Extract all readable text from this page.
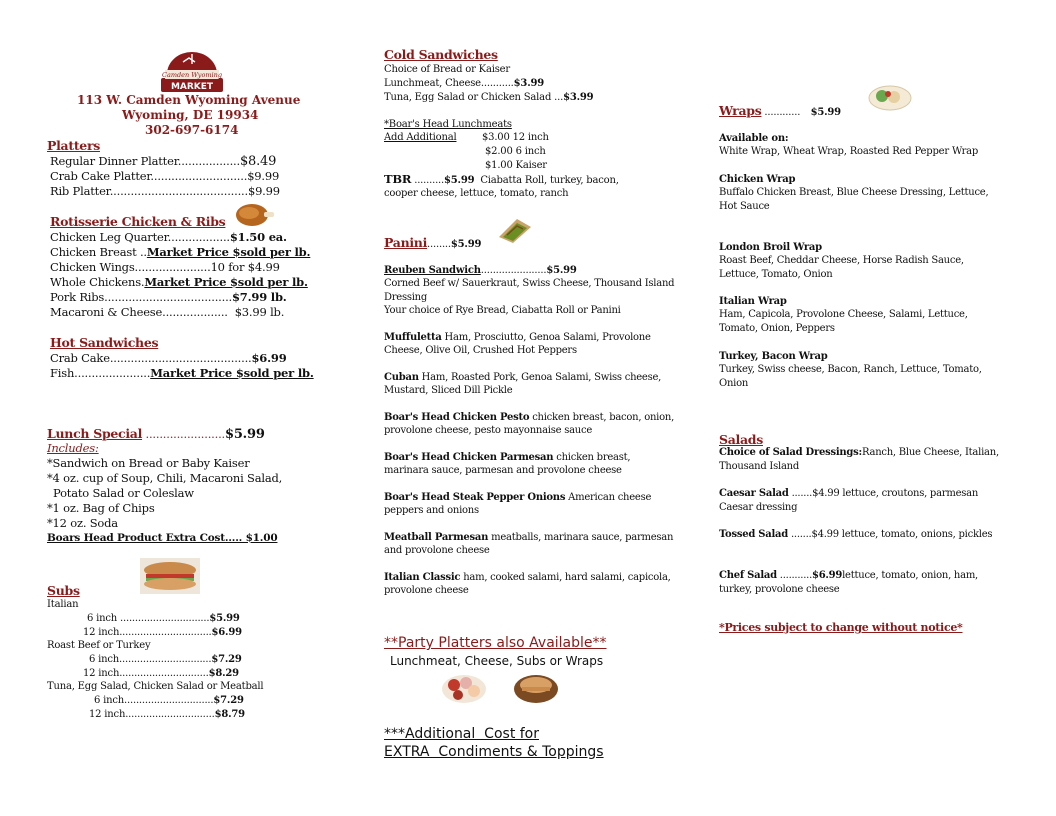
Camden Wyoming
MARKET
113 W. Camden Wyoming Avenue
Wyoming, DE 19934
302-697-6174
Platters
Regular Dinner Platter..................$8.49
Crab Cake Platter............................$9.99
Rib Platter........................................$9.99
Rotisserie Chicken & Ribs
Chicken Leg Quarter..................$1.50 ea.
Chicken Breast ..Market Price $sold per lb.
Chicken Wings......................10 for $4.99
Whole Chickens.Market Price $sold per lb.
Pork Ribs.....................................$7.99 lb.
Macaroni & Cheese................... $3.99 lb.
Hot Sandwiches
Crab Cake.........................................$6.99
Fish......................Market Price $sold per lb.
Lunch Special .......................$5.99
Includes:
*Sandwich on Bread or Baby Kaiser
*4 oz. cup of Soup, Chili, Macaroni Salad,
Potato Salad or Coleslaw
*1 oz. Bag of Chips
*12 oz. Soda
Boars Head Product Extra Cost….. $1.00
Subs
Italian
6 inch ..............................$5.99
12 inch...............................$6.99
Roast Beef or Turkey
6 inch...............................$7.29
12 inch..............................$8.29
Tuna, Egg Salad, Chicken Salad or Meatball
6 inch..............................$7.29
12 inch..............................$8.79
Cold Sandwiches
Choice of Bread or Kaiser
Lunchmeat, Cheese...........$3.99
Tuna, Egg Salad or Chicken Salad ...$3.99
*Boar's Head Lunchmeats
Add Additional	$3.00 12 inch
$2.00 6 inch
$1.00 Kaiser
TBR ..........$5.99 Ciabatta Roll, turkey, bacon,
cooper cheese, lettuce, tomato, ranch
Panini........$5.99
Reuben Sandwich......................$5.99
Corned Beef w/ Sauerkraut, Swiss Cheese, Thousand Island Dressing
Your choice of Rye Bread, Ciabatta Roll or Panini
Muffuletta Ham, Prosciutto, Genoa Salami, Provolone Cheese, Olive Oil, Crushed Hot Peppers
Cuban Ham, Roasted Pork, Genoa Salami, Swiss cheese, Mustard, Sliced Dill Pickle
Boar's Head Chicken Pesto chicken breast, bacon, onion, provolone cheese, pesto mayonnaise sauce
Boar's Head Chicken Parmesan chicken breast, marinara sauce, parmesan and provolone cheese
Boar's Head Steak Pepper Onions American cheese peppers and onions
Meatball Parmesan meatballs, marinara sauce, parmesan and provolone cheese
Italian Classic ham, cooked salami, hard salami, capicola, provolone cheese
**Party Platters also Available**
Lunchmeat, Cheese, Subs or Wraps
***Additional  Cost for
EXTRA  Condiments & Toppings
Wraps ............ $5.99
Available on:
White Wrap, Wheat Wrap, Roasted Red Pepper Wrap
Chicken Wrap
Buffalo Chicken Breast, Blue Cheese Dressing, Lettuce, Hot Sauce
London Broil Wrap
Roast Beef, Cheddar Cheese, Horse Radish Sauce, Lettuce, Tomato, Onion
Italian Wrap
Ham, Capicola, Provolone Cheese, Salami, Lettuce, Tomato, Onion, Peppers
Turkey, Bacon Wrap
Turkey, Swiss cheese, Bacon, Ranch, Lettuce, Tomato, Onion
Salads
Choice of Salad Dressings:Ranch, Blue Cheese, Italian, Thousand Island
Caesar Salad .......$4.99 lettuce, croutons, parmesan Caesar dressing
Tossed Salad .......$4.99 lettuce, tomato, onions, pickles
Chef Salad ...........$6.99lettuce, tomato, onion, ham, turkey, provolone cheese
*Prices subject to change without notice*
